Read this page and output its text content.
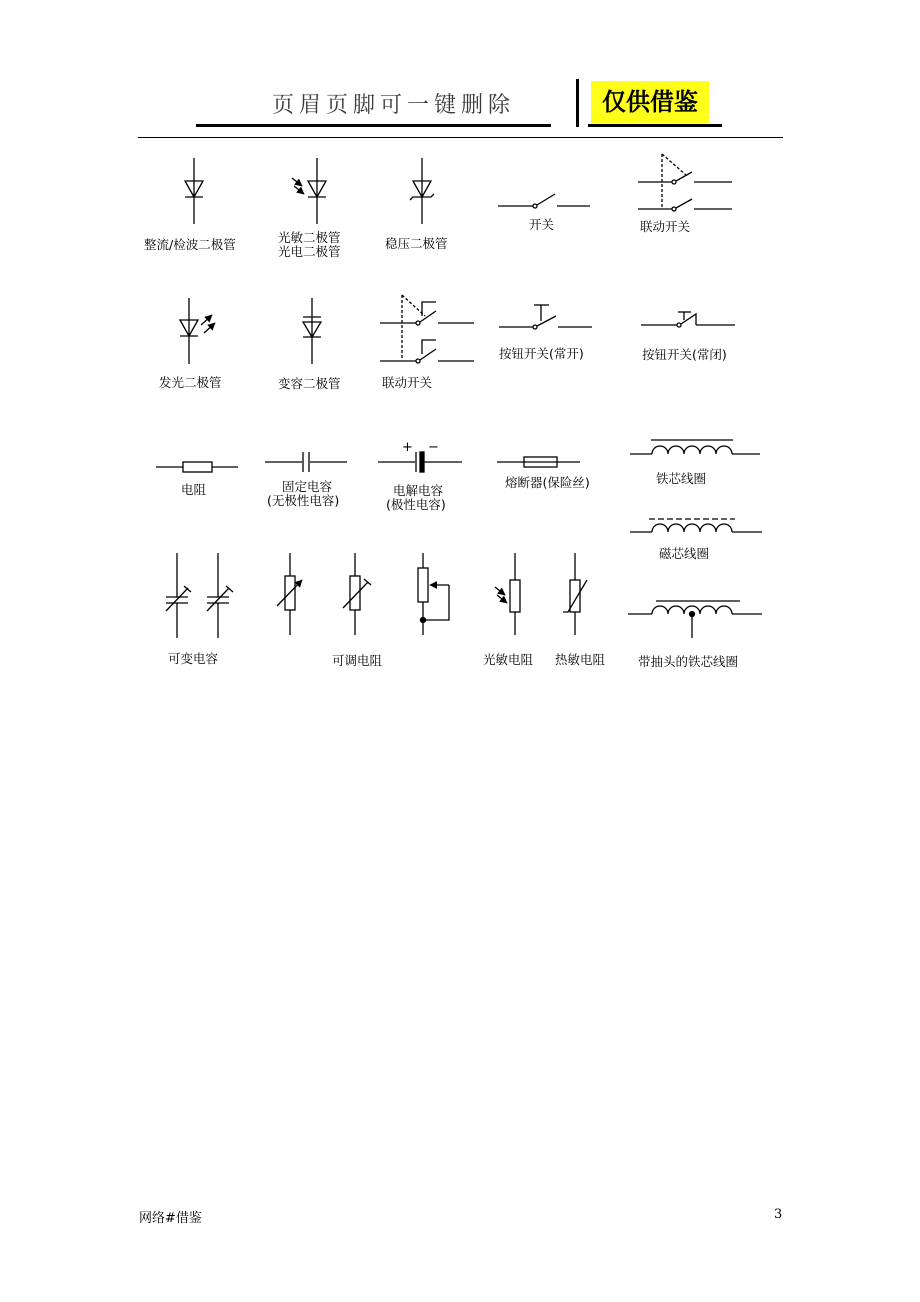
页眉页脚可一键删除	仅供借鉴
整流/检波二极管	光敏二极管
光电二极管
稳压二极管
开关	联动开关
发光二极管	变容二极管	联动开关
按钮开关(常开)	按钮开关(常闭)
电阻	固定电容
(无极性电容)
+ −
电解电容
(极性电容)
熔断器(保险丝)	铁芯线圈
磁芯线圈
可变电容	可调电阻	光敏电阻 热敏电阻	带抽头的铁芯线圈
网络#借鉴	3
